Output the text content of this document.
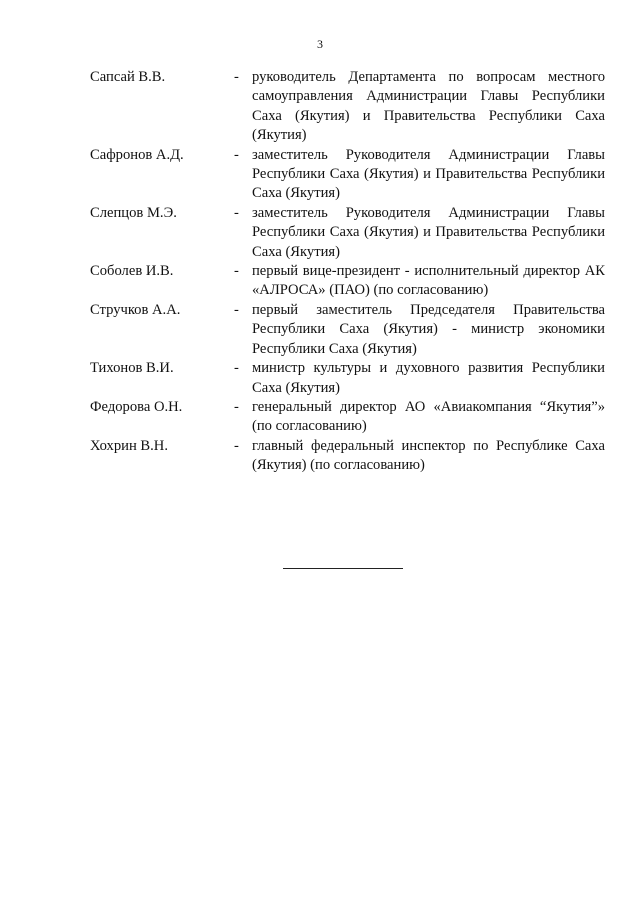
3
Сапсай В.В.	- руководитель Департамента по вопросам местного самоуправления Администрации Главы Республики Саха (Якутия) и Правительства Республики Саха (Якутия)
Сафронов А.Д.	- заместитель Руководителя Администрации Главы Республики Саха (Якутия) и Правительства Республики Саха (Якутия)
Слепцов М.Э.	- заместитель Руководителя Администрации Главы Республики Саха (Якутия) и Правительства Республики Саха (Якутия)
Соболев И.В.	- первый вице-президент - исполнительный директор АК «АЛРОСА» (ПАО) (по согласованию)
Стручков А.А.	- первый заместитель Председателя Правительства Республики Саха (Якутия) - министр экономики Республики Саха (Якутия)
Тихонов В.И.	- министр культуры и духовного развития Республики Саха (Якутия)
Федорова О.Н.	- генеральный директор АО «Авиакомпания “Якутия”» (по согласованию)
Хохрин В.Н.	- главный федеральный инспектор по Республике Саха (Якутия) (по согласованию)
